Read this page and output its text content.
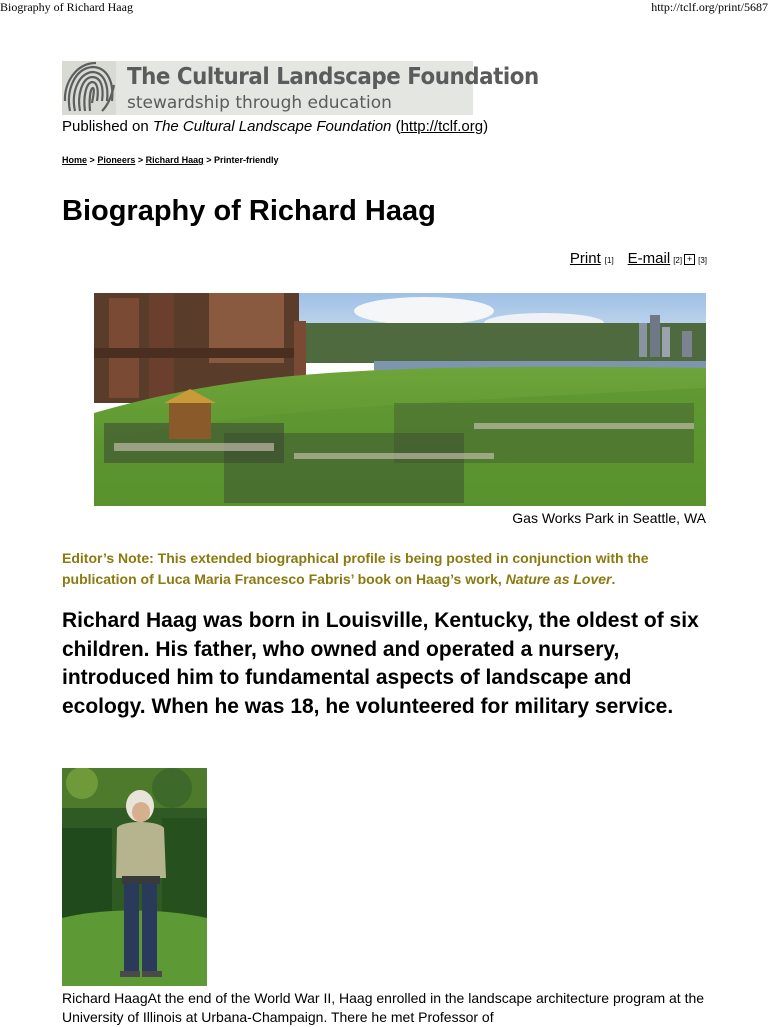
Biography of Richard Haag	http://tclf.org/print/5687
The Cultural Landscape Foundation
stewardship through education
Published on The Cultural Landscape Foundation (http://tclf.org)
Home > Pioneers > Richard Haag > Printer-friendly
Biography of Richard Haag
Print [1] E-mail [2] + [3]
Gas Works Park in Seattle, WA
Editor’s Note: This extended biographical profile is being posted in conjunction with the publication of Luca Maria Francesco Fabris’ book on Haag’s work, Nature as Lover.
Richard Haag was born in Louisville, Kentucky, the oldest of six children. His father, who owned and operated a nursery, introduced him to fundamental aspects of landscape and ecology. When he was 18, he volunteered for military service.
Richard HaagAt the end of the World War II, Haag enrolled in the landscape architecture program at the University of Illinois at Urbana-Champaign. There he met Professor of
